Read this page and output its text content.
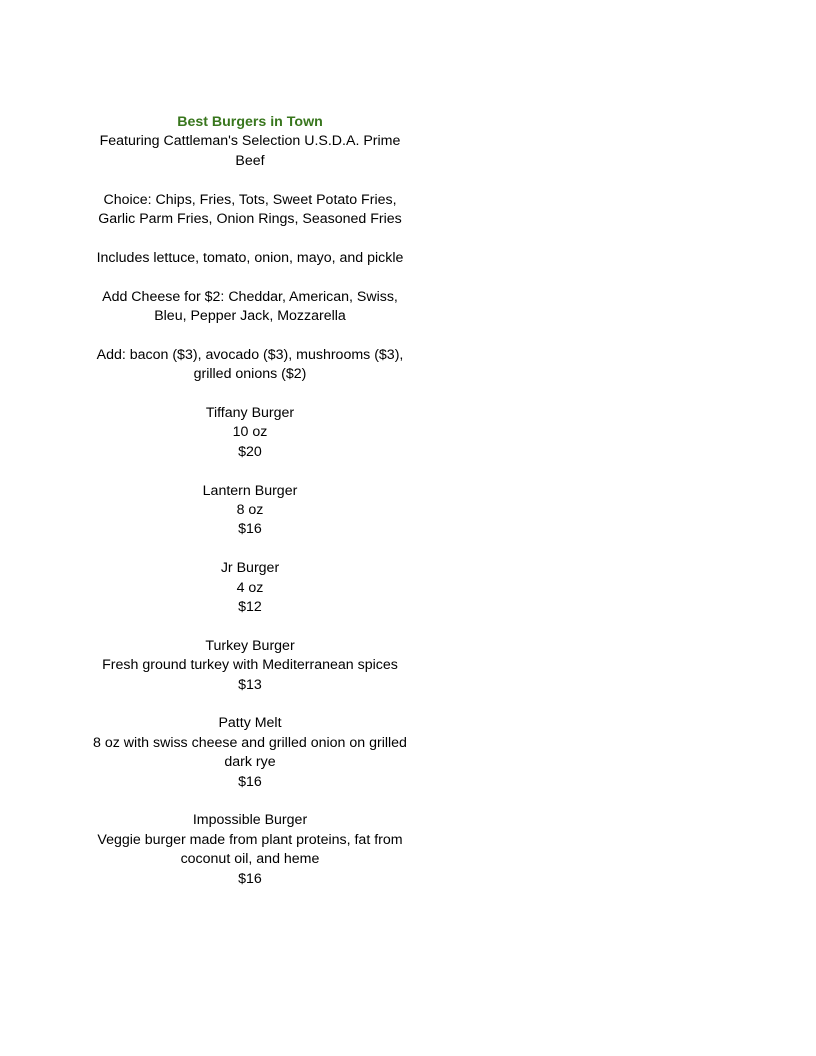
Best Burgers in Town
Featuring Cattleman's Selection U.S.D.A. Prime Beef
Choice: Chips, Fries, Tots, Sweet Potato Fries, Garlic Parm Fries, Onion Rings, Seasoned Fries
Includes lettuce, tomato, onion, mayo, and pickle
Add Cheese for $2: Cheddar, American, Swiss, Bleu, Pepper Jack, Mozzarella
Add: bacon ($3), avocado ($3), mushrooms ($3), grilled onions ($2)
Tiffany Burger
10 oz
$20
Lantern Burger
8 oz
$16
Jr Burger
4 oz
$12
Turkey Burger
Fresh ground turkey with Mediterranean spices
$13
Patty Melt
8 oz with swiss cheese and grilled onion on grilled dark rye
$16
Impossible Burger
Veggie burger made from plant proteins, fat from coconut oil, and heme
$16
